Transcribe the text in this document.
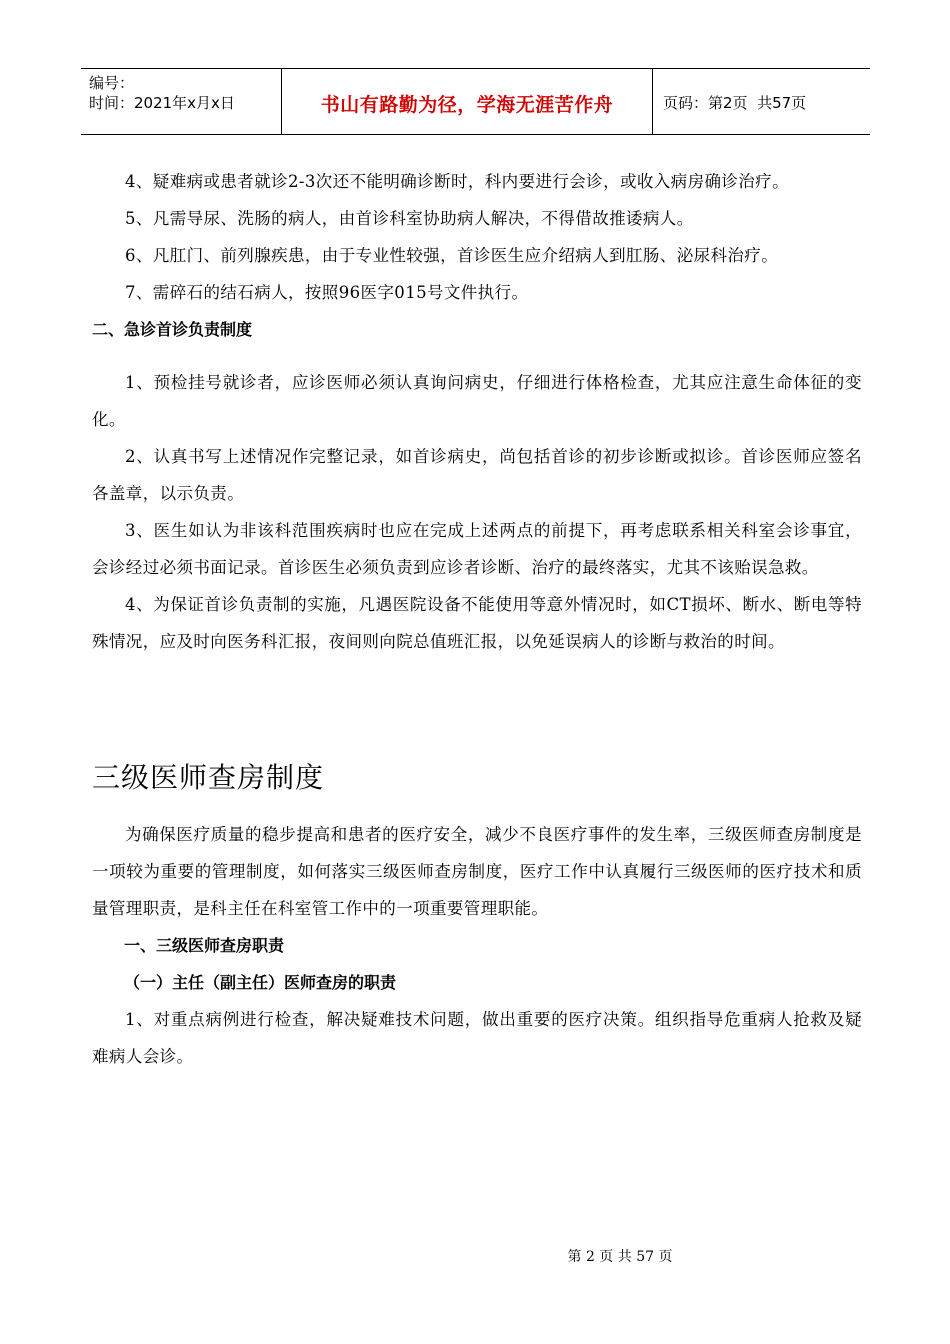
编号：
时间：2021年x月x日	书山有路勤为径，学海无涯苦作舟	页码：第2页  共57页

4、疑难病或患者就诊2-3次还不能明确诊断时，科内要进行会诊，或收入病房确诊治疗。

5、凡需导尿、洗肠的病人，由首诊科室协助病人解决，不得借故推诿病人。

6、凡肛门、前列腺疾患，由于专业性较强，首诊医生应介绍病人到肛肠、泌尿科治疗。

7、需碎石的结石病人，按照96医字015号文件执行。

二、急诊首诊负责制度

1、预检挂号就诊者，应诊医师必须认真询问病史，仔细进行体格检查，尤其应注意生命体征的变化。

2、认真书写上述情况作完整记录，如首诊病史，尚包括首诊的初步诊断或拟诊。首诊医师应签名各盖章，以示负责。

3、医生如认为非该科范围疾病时也应在完成上述两点的前提下，再考虑联系相关科室会诊事宜，会诊经过必须书面记录。首诊医生必须负责到应诊者诊断、治疗的最终落实，尤其不该贻误急救。

4、为保证首诊负责制的实施，凡遇医院设备不能使用等意外情况时，如CT损坏、断水、断电等特殊情况，应及时向医务科汇报，夜间则向院总值班汇报，以免延误病人的诊断与救治的时间。

三级医师查房制度

为确保医疗质量的稳步提高和患者的医疗安全，减少不良医疗事件的发生率，三级医师查房制度是一项较为重要的管理制度，如何落实三级医师查房制度，医疗工作中认真履行三级医师的医疗技术和质量管理职责，是科主任在科室管工作中的一项重要管理职能。

一、三级医师查房职责

（一）主任（副主任）医师查房的职责

1、对重点病例进行检查，解决疑难技术问题，做出重要的医疗决策。组织指导危重病人抢救及疑难病人会诊。

第 2 页 共 57 页
